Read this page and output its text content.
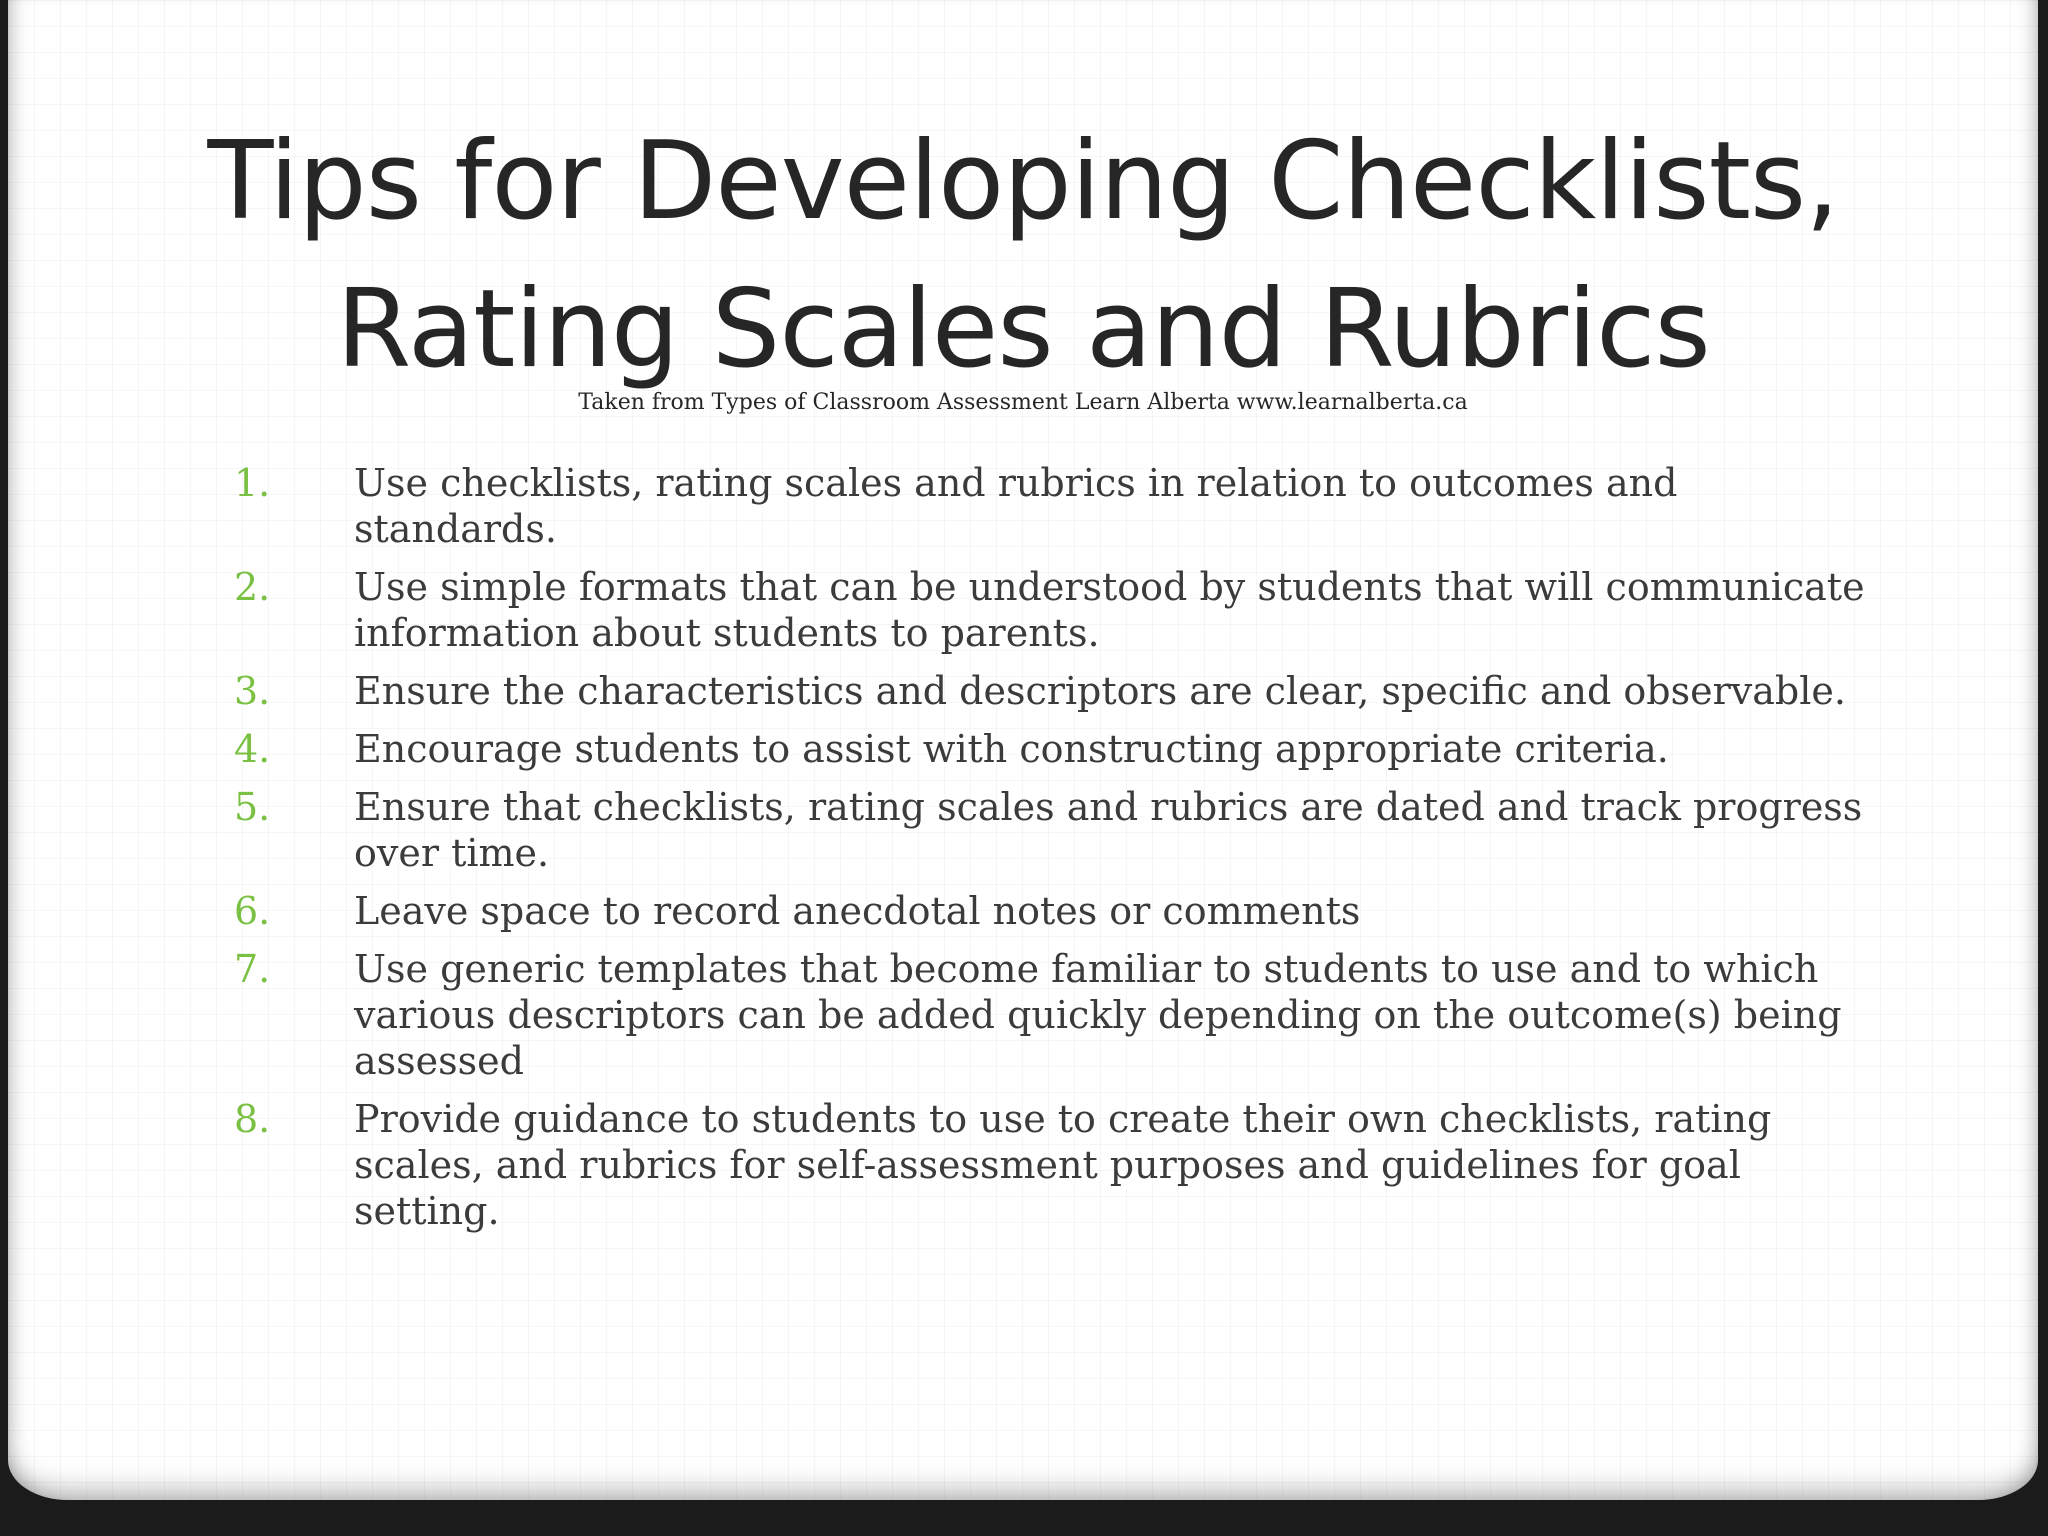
Tips for Developing Checklists,
Rating Scales and Rubrics
Taken from Types of Classroom Assessment Learn Alberta www.learnalberta.ca
1.	Use checklists, rating scales and rubrics in relation to outcomes and standards.
2.	Use simple formats that can be understood by students that will communicate information about students to parents.
3.	Ensure the characteristics and descriptors are clear, specific and observable.
4.	Encourage students to assist with constructing appropriate criteria.
5.	Ensure that checklists, rating scales and rubrics are dated and track progress over time.
6.	Leave space to record anecdotal notes or comments
7.	Use generic templates that become familiar to students to use and to which various descriptors can be added quickly depending on the outcome(s) being assessed
8.	Provide guidance to students to use to create their own checklists, rating scales, and rubrics for self-assessment purposes and guidelines for goal setting.
